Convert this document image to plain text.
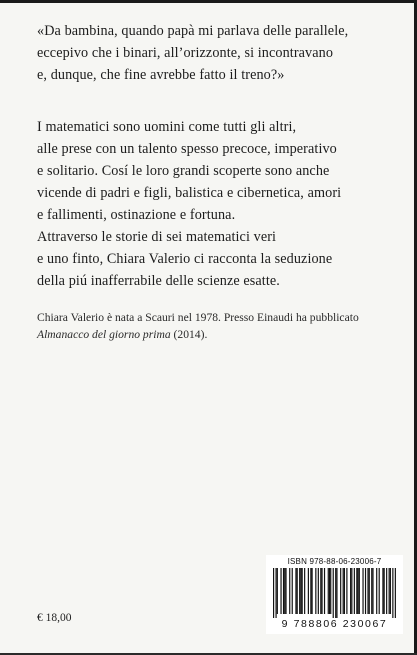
«Da bambina, quando papà mi parlava delle parallele,
eccepivo che i binari, all’orizzonte, si incontravano
e, dunque, che fine avrebbe fatto il treno?»
I matematici sono uomini come tutti gli altri,
alle prese con un talento spesso precoce, imperativo
e solitario. Cosí le loro grandi scoperte sono anche
vicende di padri e figli, balistica e cibernetica, amori
e fallimenti, ostinazione e fortuna.
Attraverso le storie di sei matematici veri
e uno finto, Chiara Valerio ci racconta la seduzione
della piú inafferrabile delle scienze esatte.
Chiara Valerio è nata a Scauri nel 1978. Presso Einaudi ha pubblicato
Almanacco del giorno prima (2014).
€ 18,00
ISBN 978-88-06-23006-7
9 788806 230067
